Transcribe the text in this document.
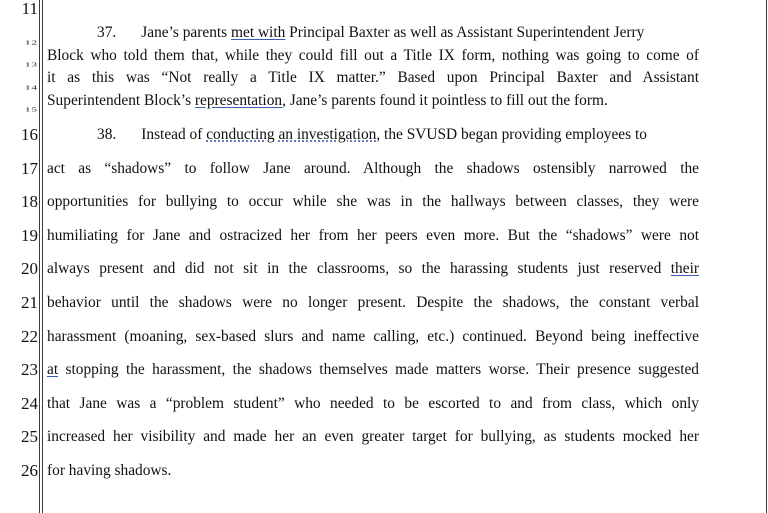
11
12
13
14
15
16
17
18
19
20
21
22
23
24
25
26
37. Jane’s parents met with Principal Baxter as well as Assistant Superintendent Jerry
Block who told them that, while they could fill out a Title IX form, nothing was going to come of
it as this was “Not really a Title IX matter.” Based upon Principal Baxter and Assistant
Superintendent Block’s representation, Jane’s parents found it pointless to fill out the form.
38. Instead of conducting an investigation, the SVUSD began providing employees to
act as “shadows” to follow Jane around. Although the shadows ostensibly narrowed the
opportunities for bullying to occur while she was in the hallways between classes, they were
humiliating for Jane and ostracized her from her peers even more. But the “shadows” were not
always present and did not sit in the classrooms, so the harassing students just reserved their
behavior until the shadows were no longer present. Despite the shadows, the constant verbal
harassment (moaning, sex-based slurs and name calling, etc.) continued. Beyond being ineffective
at stopping the harassment, the shadows themselves made matters worse. Their presence suggested
that Jane was a “problem student” who needed to be escorted to and from class, which only
increased her visibility and made her an even greater target for bullying, as students mocked her
for having shadows.
